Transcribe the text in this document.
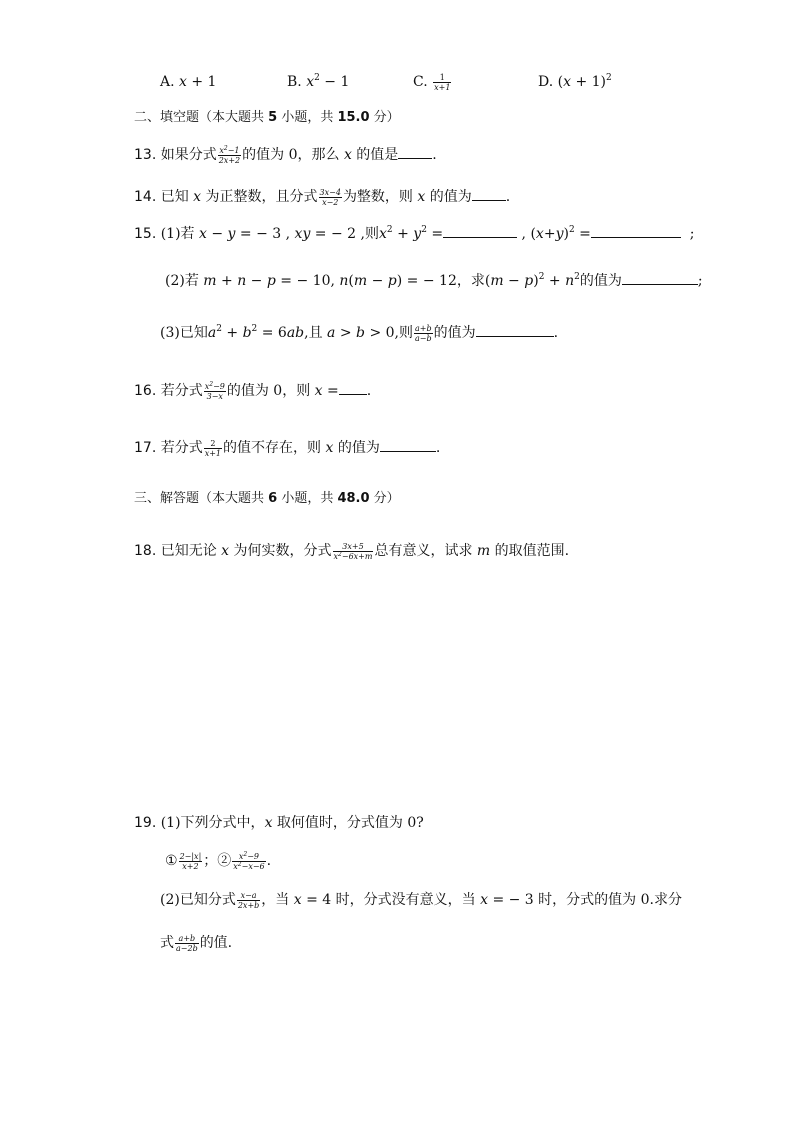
A. x + 1	B. $x^2 - 1$	C. $\frac{1}{x+1}$	D. $(x + 1)^2$
二、填空题（本大题共 5 小题，共 15.0 分）
13. 如果分式 $\frac{x^2-1}{2x+2}$ 的值为 0，那么 x 的值是 .
14. 已知 x 为正整数，且分式 $\frac{3x-4}{x-2}$ 为整数，则 x 的值为 .
15. (1)若 x − y = − 3 , xy = − 2 ,则$x^2 + y^2$ =	, $(x+y)^2$ =	;
(2)若 m + n − p = − 10, n(m − p) = − 12，求$(m - p)^2 + n^2$的值为	;
(3)已知$a^2 + b^2 = 6ab$,且 a > b > 0,则 $\frac{a+b}{a-b}$ 的值为	.
16. 若分式 $\frac{x^2-9}{3-x}$ 的值为 0，则 x = .
17. 若分式 $\frac{2}{x+1}$ 的值不存在，则 x 的值为	.
三、解答题（本大题共 6 小题，共 48.0 分）
18. 已知无论 x 为何实数，分式 $\frac{3x+5}{x^2-6x+m}$ 总有意义，试求 m 的取值范围.
19. (1)下列分式中，x 取何值时，分式值为 0?
① $\frac{2-|x|}{x+2}$ ；② $\frac{x^2-9}{x^2-x-6}$ .
(2)已知分式 $\frac{x-a}{2x+b}$ ，当 x = 4 时，分式没有意义，当 x = − 3 时，分式的值为 0.求分
式 $\frac{a+b}{a-2b}$ 的值.
